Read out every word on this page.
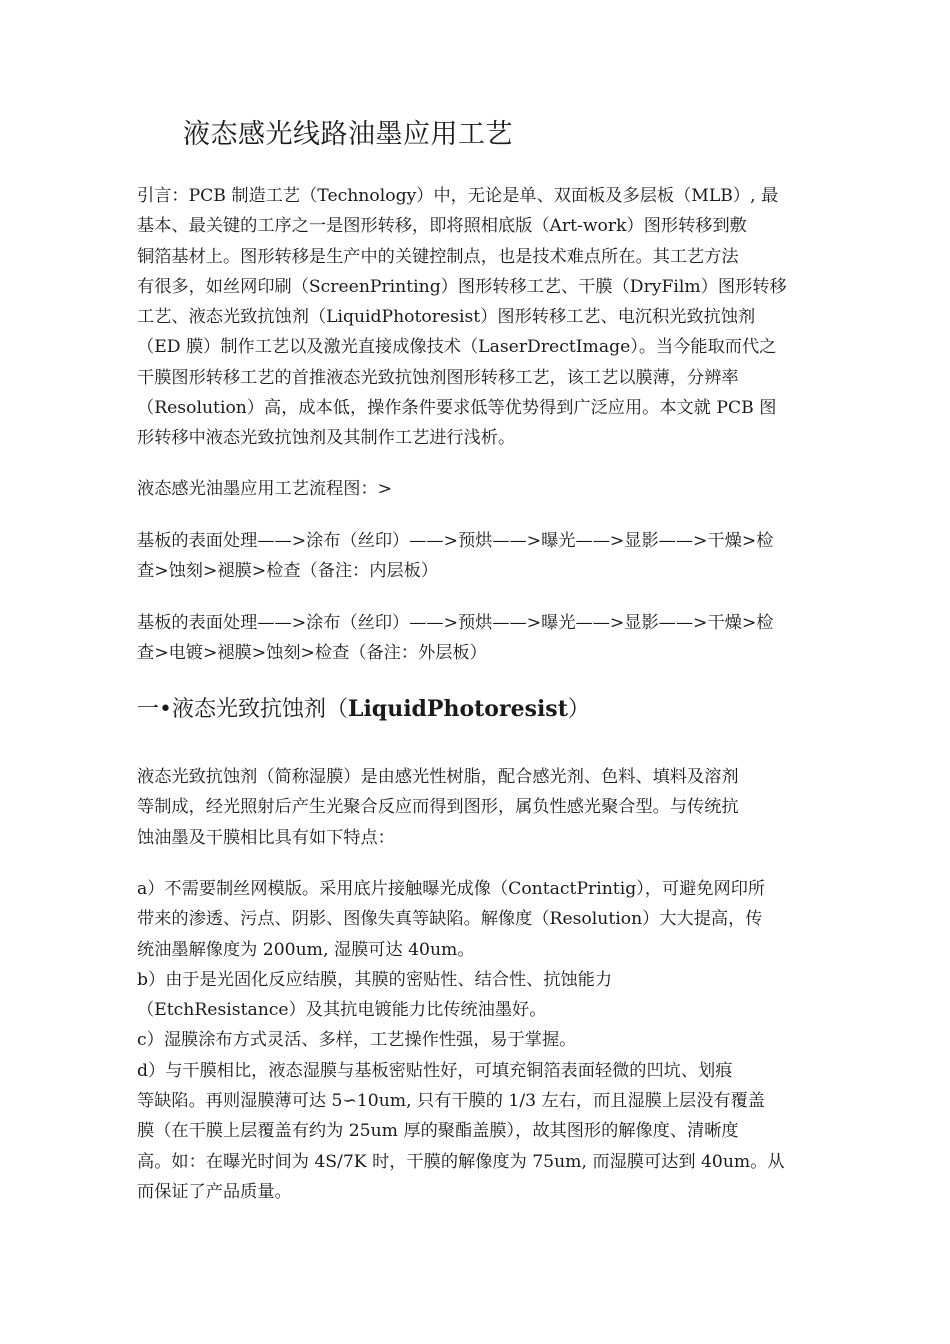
液态感光线路油墨应用工艺
引言：PCB 制造工艺（Technology）中，无论是单、双面板及多层板（MLB）, 最
基本、最关键的工序之一是图形转移，即将照相底版（Art-work）图形转移到敷
铜箔基材上。图形转移是生产中的关键控制点，也是技术难点所在。其工艺方法
有很多，如丝网印刷（ScreenPrinting）图形转移工艺、干膜（DryFilm）图形转移
工艺、液态光致抗蚀剂（LiquidPhotoresist）图形转移工艺、电沉积光致抗蚀剂
（ED 膜）制作工艺以及激光直接成像技术（LaserDrectImage）。当今能取而代之
干膜图形转移工艺的首推液态光致抗蚀剂图形转移工艺，该工艺以膜薄，分辨率
（Resolution）高，成本低，操作条件要求低等优势得到广泛应用。本文就 PCB 图
形转移中液态光致抗蚀剂及其制作工艺进行浅析。
液态感光油墨应用工艺流程图：>
基板的表面处理——>涂布（丝印）——>预烘——>曝光——>显影——>干燥>检
查>蚀刻>褪膜>检查（备注：内层板）
基板的表面处理——>涂布（丝印）——>预烘——>曝光——>显影——>干燥>检
查>电镀>褪膜>蚀刻>检查（备注：外层板）
一•液态光致抗蚀剂（LiquidPhotoresist）
液态光致抗蚀剂（简称湿膜）是由感光性树脂，配合感光剂、色料、填料及溶剂
等制成，经光照射后产生光聚合反应而得到图形，属负性感光聚合型。与传统抗
蚀油墨及干膜相比具有如下特点：
a）不需要制丝网模版。采用底片接触曝光成像（ContactPrintig），可避免网印所
带来的渗透、污点、阴影、图像失真等缺陷。解像度（Resolution）大大提高，传
统油墨解像度为 200um, 湿膜可达 40um。
b）由于是光固化反应结膜，其膜的密贴性、结合性、抗蚀能力
（EtchResistance）及其抗电镀能力比传统油墨好。
c）湿膜涂布方式灵活、多样，工艺操作性强，易于掌握。
d）与干膜相比，液态湿膜与基板密贴性好，可填充铜箔表面轻微的凹坑、划痕
等缺陷。再则湿膜薄可达 5∽10um, 只有干膜的 1/3 左右，而且湿膜上层没有覆盖
膜（在干膜上层覆盖有约为 25um 厚的聚酯盖膜），故其图形的解像度、清晰度
高。如：在曝光时间为 4S/7K 时，干膜的解像度为 75um, 而湿膜可达到 40um。从
而保证了产品质量。
